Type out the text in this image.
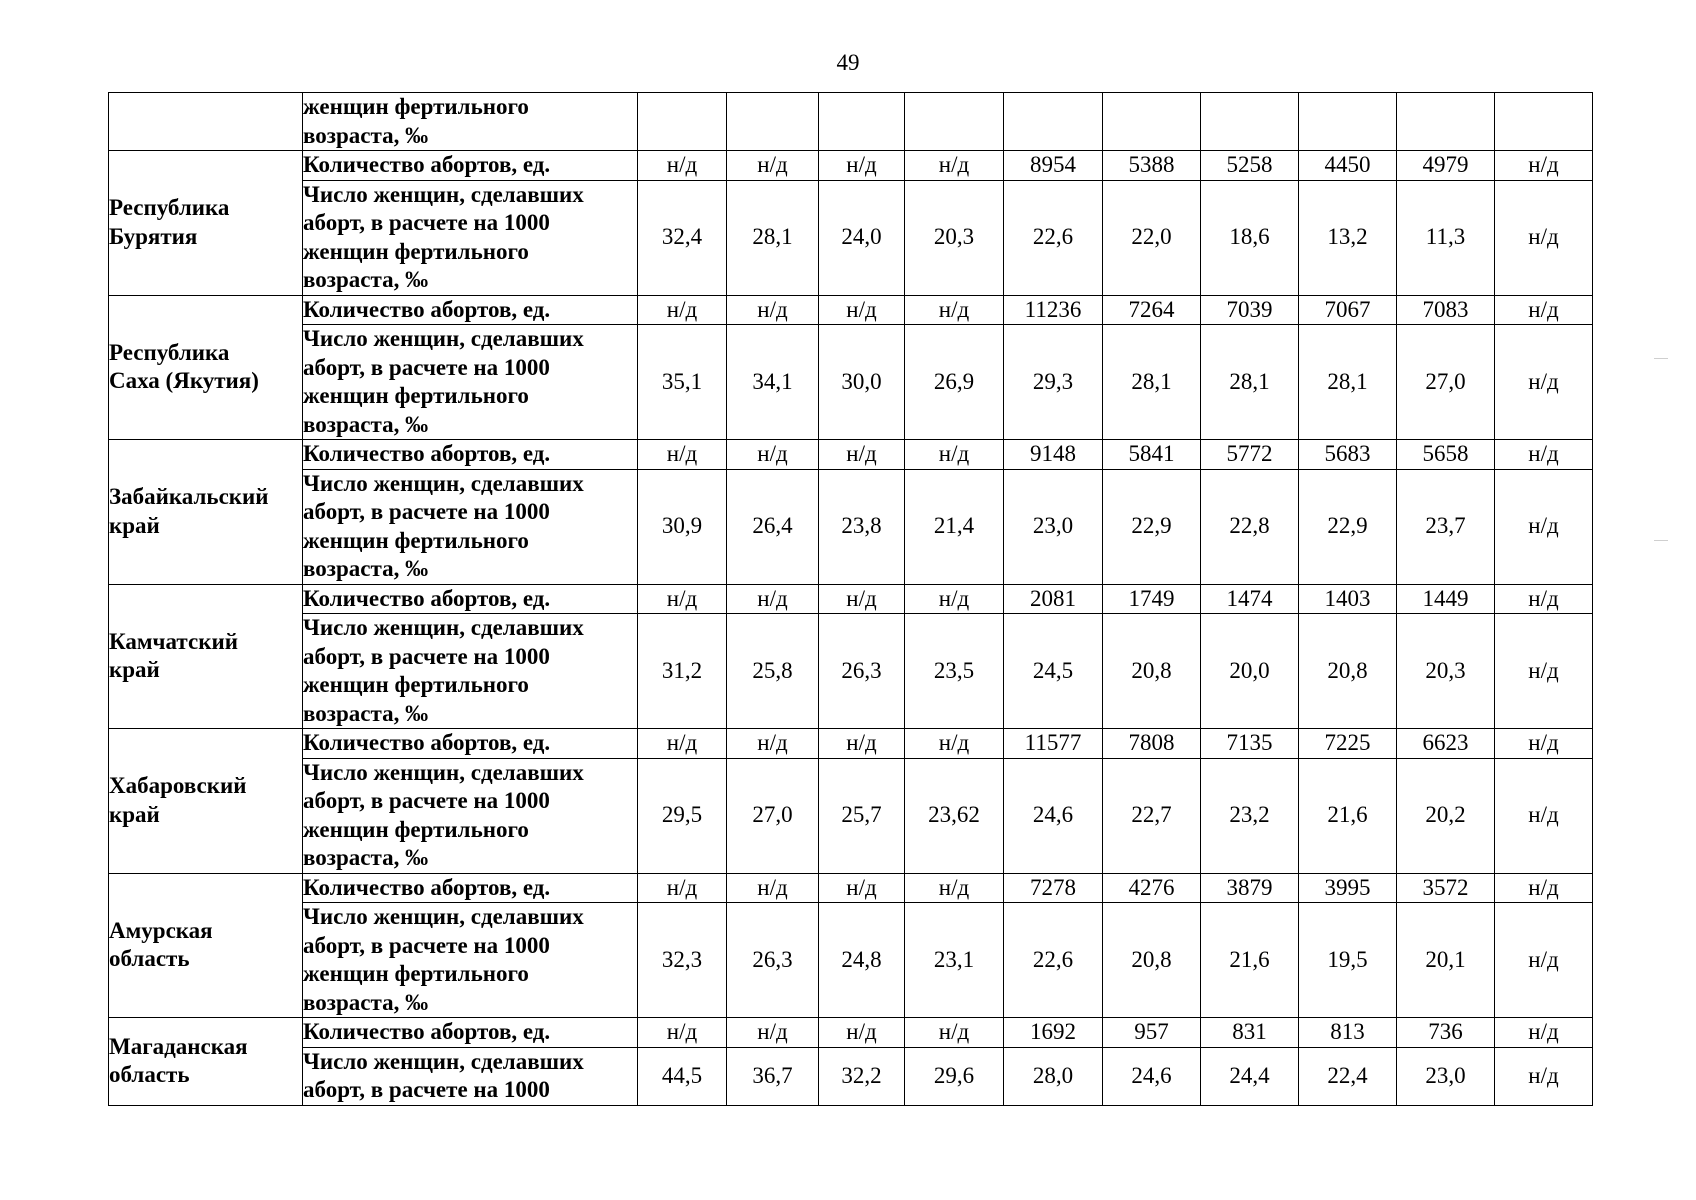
49
	женщин фертильного
возраста, ‰										
Республика
Бурятия	Количество абортов, ед.	н/д	н/д	н/д	н/д	8954	5388	5258	4450	4979	н/д
	Число женщин, сделавших
аборт, в расчете на 1000
женщин фертильного
возраста, ‰	32,4	28,1	24,0	20,3	22,6	22,0	18,6	13,2	11,3	н/д
Республика
Саха (Якутия)	Количество абортов, ед.	н/д	н/д	н/д	н/д	11236	7264	7039	7067	7083	н/д
	Число женщин, сделавших
аборт, в расчете на 1000
женщин фертильного
возраста, ‰	35,1	34,1	30,0	26,9	29,3	28,1	28,1	28,1	27,0	н/д
Забайкальский
край	Количество абортов, ед.	н/д	н/д	н/д	н/д	9148	5841	5772	5683	5658	н/д
	Число женщин, сделавших
аборт, в расчете на 1000
женщин фертильного
возраста, ‰	30,9	26,4	23,8	21,4	23,0	22,9	22,8	22,9	23,7	н/д
Камчатский
край	Количество абортов, ед.	н/д	н/д	н/д	н/д	2081	1749	1474	1403	1449	н/д
	Число женщин, сделавших
аборт, в расчете на 1000
женщин фертильного
возраста, ‰	31,2	25,8	26,3	23,5	24,5	20,8	20,0	20,8	20,3	н/д
Хабаровский
край	Количество абортов, ед.	н/д	н/д	н/д	н/д	11577	7808	7135	7225	6623	н/д
	Число женщин, сделавших
аборт, в расчете на 1000
женщин фертильного
возраста, ‰	29,5	27,0	25,7	23,62	24,6	22,7	23,2	21,6	20,2	н/д
Амурская
область	Количество абортов, ед.	н/д	н/д	н/д	н/д	7278	4276	3879	3995	3572	н/д
	Число женщин, сделавших
аборт, в расчете на 1000
женщин фертильного
возраста, ‰	32,3	26,3	24,8	23,1	22,6	20,8	21,6	19,5	20,1	н/д
Магаданская
область	Количество абортов, ед.	н/д	н/д	н/д	н/д	1692	957	831	813	736	н/д
	Число женщин, сделавших
аборт, в расчете на 1000	44,5	36,7	32,2	29,6	28,0	24,6	24,4	22,4	23,0	н/д
